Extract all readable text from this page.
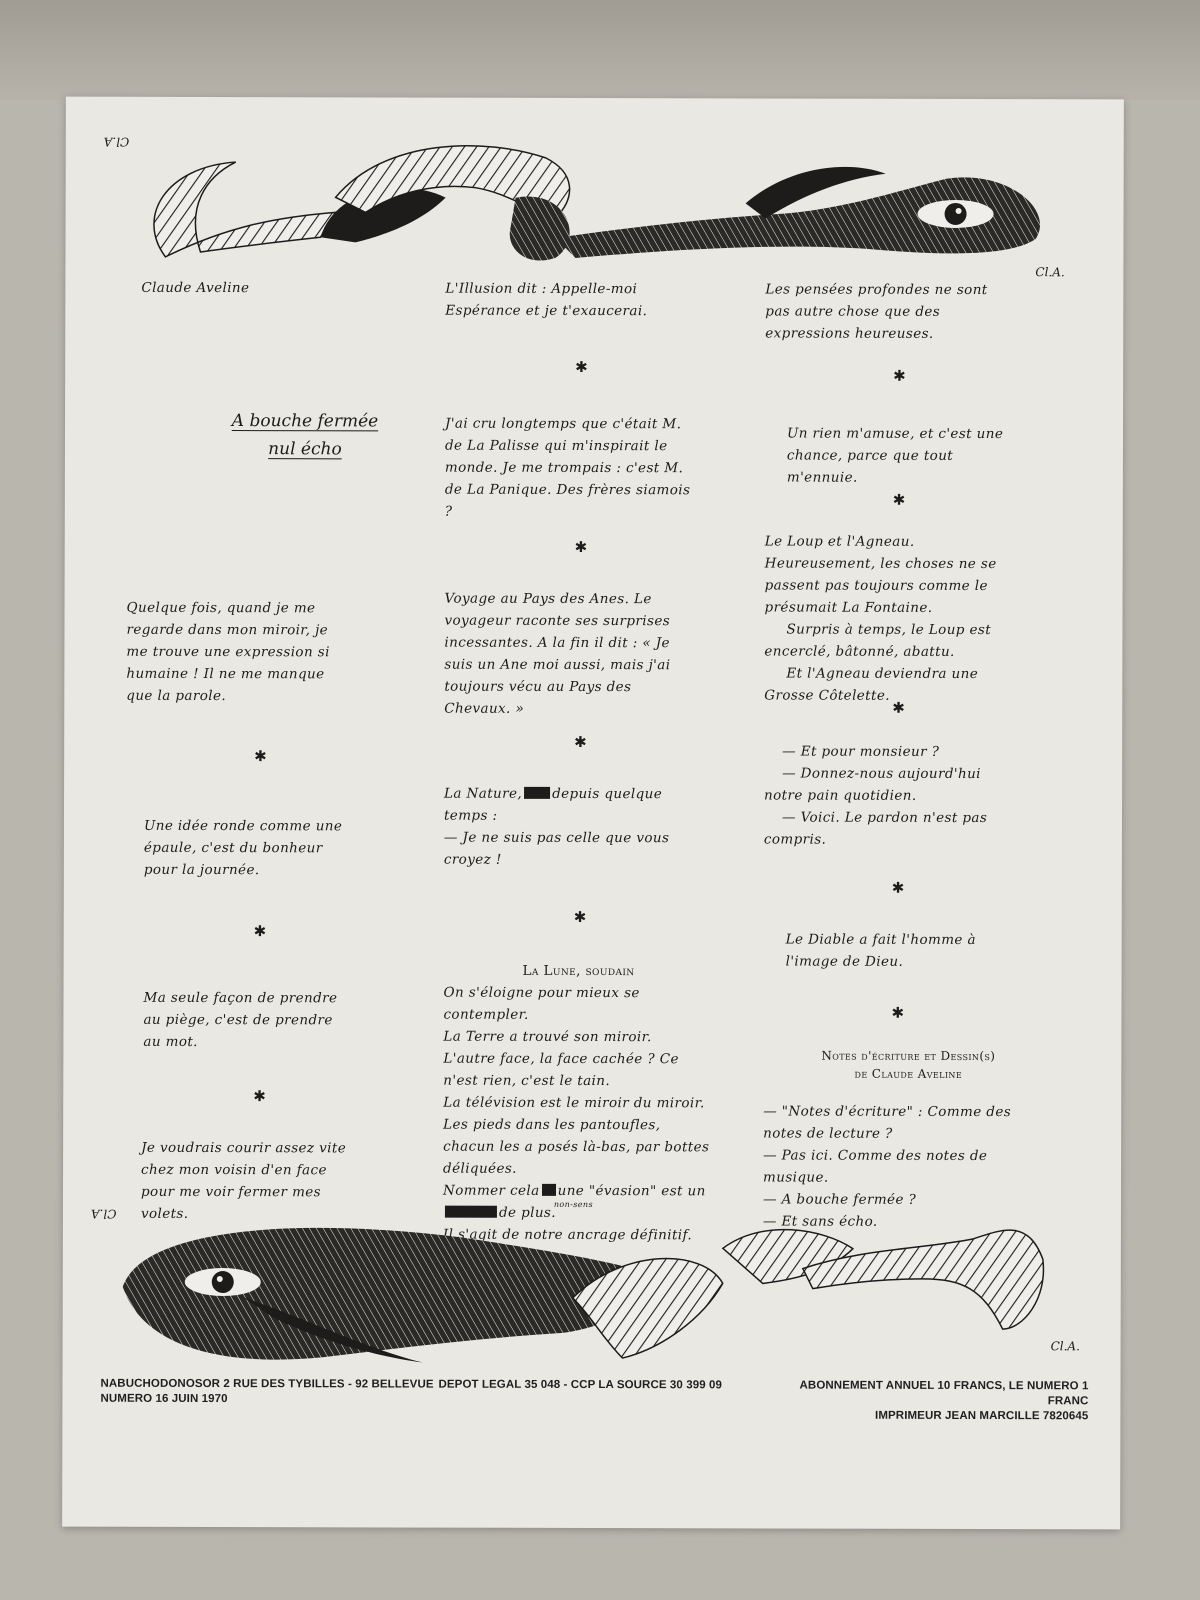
Cl.A
Cl.A.
Claude Aveline
A bouche fermée
nul écho

Quelque fois, quand je me regarde dans mon miroir, je me trouve une expression si humaine ! Il ne me manque que la parole.

✱

Une idée ronde comme une épaule, c'est du bonheur pour la journée.

✱

Ma seule façon de prendre au piège, c'est de prendre au mot.

✱

Je voudrais courir assez vite chez mon voisin d'en face pour me voir fermer mes volets.

L'Illusion dit : Appelle-moi Espérance et je t'exaucerai.

✱

J'ai cru longtemps que c'était M. de La Palisse qui m'inspirait le monde. Je me trompais : c'est M. de La Panique. Des frères siamois ?

✱

Voyage au Pays des Anes. Le voyageur raconte ses surprises incessantes. A la fin il dit : « Je suis un Ane moi aussi, mais j'ai toujours vécu au Pays des Chevaux. »

✱

La Nature, depuis quelque temps :

— Je ne suis pas celle que vous croyez !

✱

La Lune, soudain

On s'éloigne pour mieux se contempler.

La Terre a trouvé son miroir.

L'autre face, la face cachée ? Ce n'est rien, c'est le tain.

La télévision est le miroir du miroir.

Les pieds dans les pantoufles, chacun les a posés là-bas, par bottes déliquées.

Nommer cela une "évasion" est unde plus.
non-sens

Il s'agit de notre ancrage définitif.

Les pensées profondes ne sont pas autre chose que des expressions heureuses.

✱

Un rien m'amuse, et c'est une chance, parce que tout m'ennuie.

✱

Le Loup et l'Agneau. Heureusement, les choses ne se passent pas toujours comme le présumait La Fontaine.

Surpris à temps, le Loup est encerclé, bâtonné, abattu.

Et l'Agneau deviendra une Grosse Côtelette.

✱

— Et pour monsieur ?

— Donnez-nous aujourd'hui notre pain quotidien.

— Voici. Le pardon n'est pas compris.

✱

Le Diable a fait l'homme à l'image de Dieu.

✱

Notes d'écriture et Dessin(s)

de Claude Aveline

— "Notes d'écriture" : Comme des notes de lecture ?

— Pas ici. Comme des notes de musique.

— A bouche fermée ?

— Et sans écho.

Cl.A
Cl.A.
NABUCHODONOSOR 2 RUE DES TYBILLES - 92 BELLEVUE
NUMERO 16 JUIN 1970
DEPOT LEGAL 35 048 - CCP LA SOURCE 30 399 09	ABONNEMENT ANNUEL 10 FRANCS, LE NUMERO 1 FRANC
IMPRIMEUR JEAN MARCILLE 7820645
